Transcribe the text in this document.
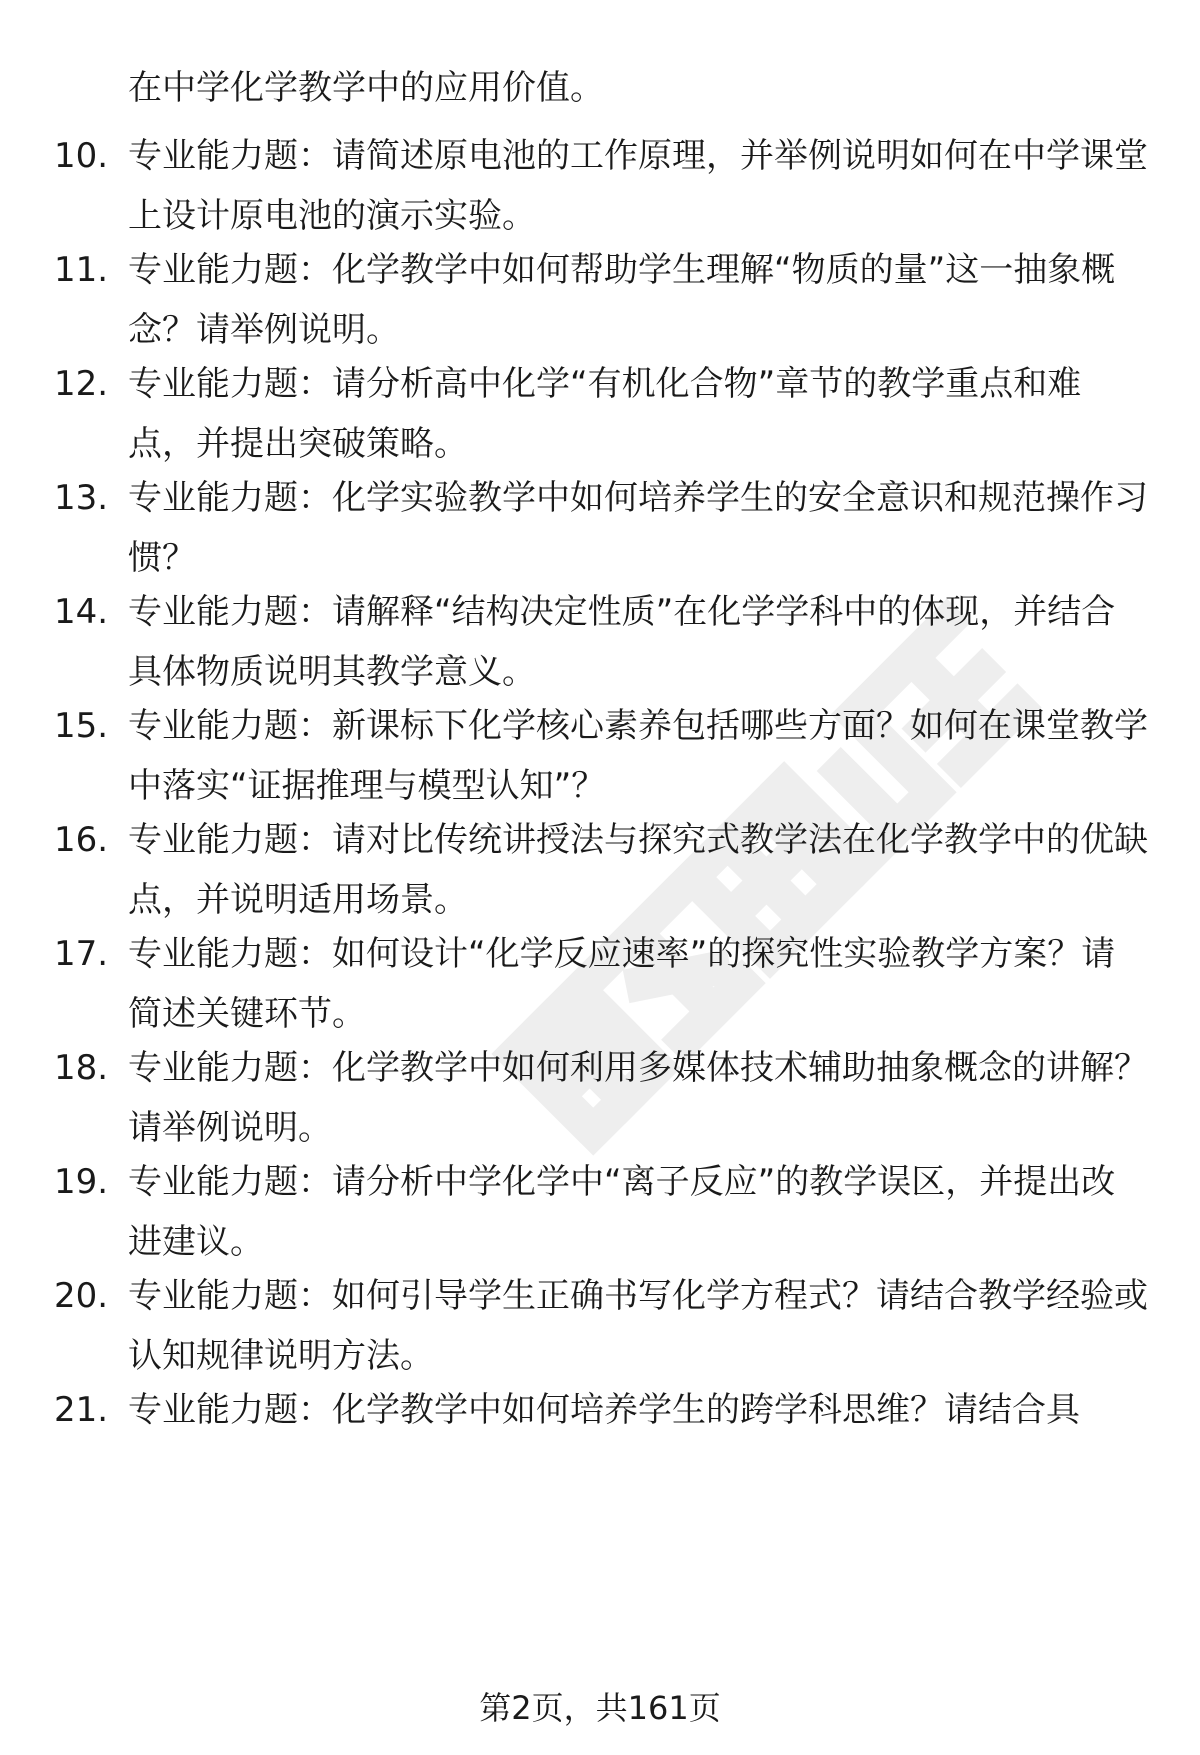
在中学化学教学中的应用价值。
10. 专业能力题：请简述原电池的工作原理，并举例说明如何在中学课堂上设计原电池的演示实验。
11. 专业能力题：化学教学中如何帮助学生理解“物质的量”这一抽象概念？请举例说明。
12. 专业能力题：请分析高中化学“有机化合物”章节的教学重点和难点，并提出突破策略。
13. 专业能力题：化学实验教学中如何培养学生的安全意识和规范操作习惯？
14. 专业能力题：请解释“结构决定性质”在化学学科中的体现，并结合具体物质说明其教学意义。
15. 专业能力题：新课标下化学核心素养包括哪些方面？如何在课堂教学中落实“证据推理与模型认知”？
16. 专业能力题：请对比传统讲授法与探究式教学法在化学教学中的优缺点，并说明适用场景。
17. 专业能力题：如何设计“化学反应速率”的探究性实验教学方案？请简述关键环节。
18. 专业能力题：化学教学中如何利用多媒体技术辅助抽象概念的讲解？请举例说明。
19. 专业能力题：请分析中学化学中“离子反应”的教学误区，并提出改进建议。
20. 专业能力题：如何引导学生正确书写化学方程式？请结合教学经验或认知规律说明方法。
21. 专业能力题：化学教学中如何培养学生的跨学科思维？请结合具
第2页，共161页
